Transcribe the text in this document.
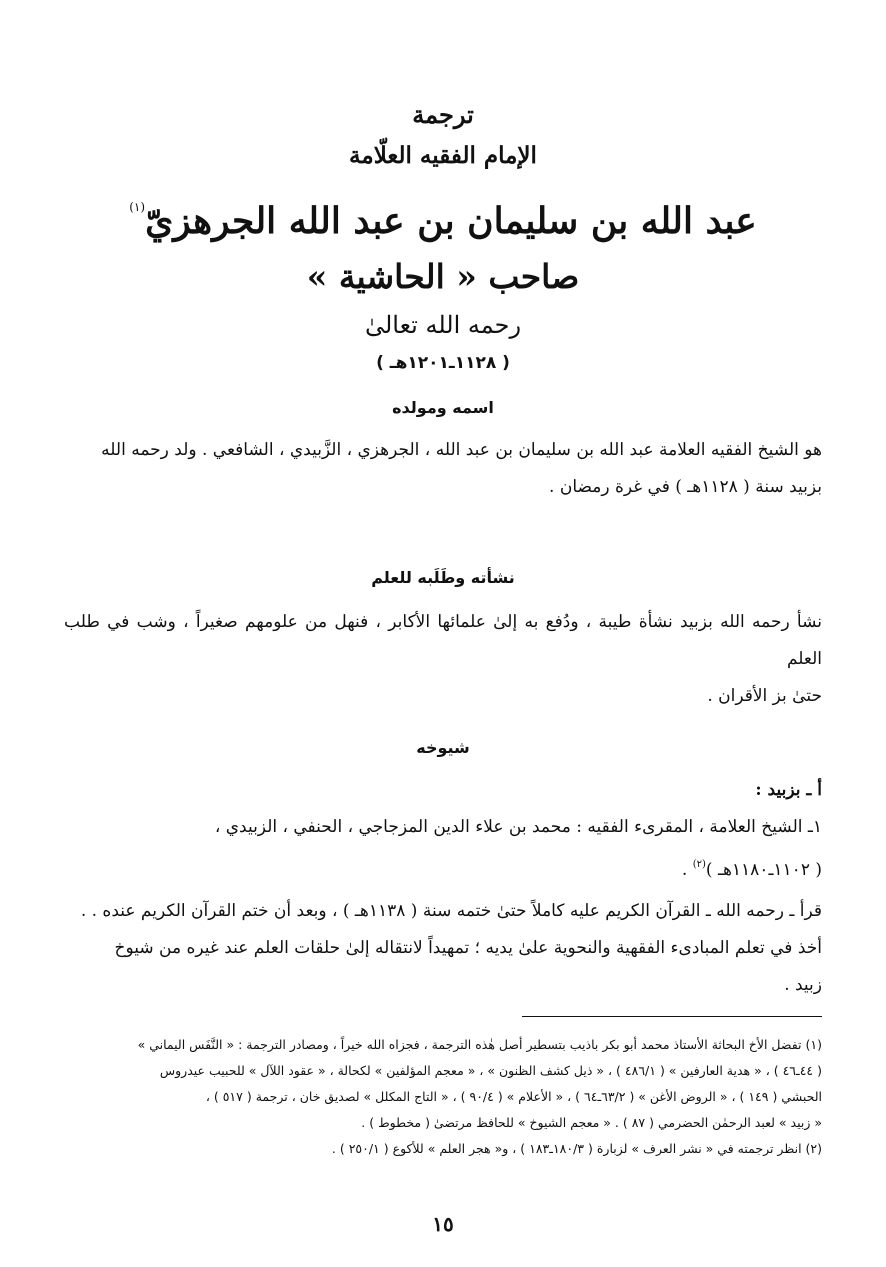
ترجمة

الإمام الفقيه العلّامة

عبد الله بن سليمان بن عبد الله الجرهزيّ$^{(١)}$

صاحب « الحاشية »

رحمه الله تعالىٰ

( ١١٢٨ـ١٢٠١هـ )

اسمه ومولده

هو الشيخ الفقيه العلامة عبد الله بن سليمان بن عبد الله ، الجرهزي ، الزَّبيدي ، الشافعي . ولد رحمه الله

بزبيد سنة ( ١١٢٨هـ ) في غرة رمضان .

نشأته وطَلَبه للعلم

نشأ رحمه الله بزبيد نشأة طيبة ، ودُفع به إلىٰ علمائها الأكابر ، فنهل من علومهم صغيراً ، وشب في طلب العلم

حتىٰ بز الأقران .

شيوخه

أ ـ بزبيد :

١ـ الشيخ العلامة ، المقرىء الفقيه : محمد بن علاء الدين المزجاجي ، الحنفي ، الزبيدي ،

( ١١٠٢ـ١١٨٠هـ )$^{(٢)}$ .

قرأ ـ رحمه الله ـ القرآن الكريم عليه كاملاً حتىٰ ختمه سنة ( ١١٣٨هـ ) ، وبعد أن ختم القرآن الكريم عنده . .

أخذ في تعلم المبادىء الفقهية والنحوية علىٰ يديه ؛ تمهيداً لانتقاله إلىٰ حلقات العلم عند غيره من شيوخ

زبيد .

(١) تفضل الأخ البحاثة الأستاذ محمد أبو بكر باذيب بتسطير أصل هٰذه الترجمة ، فجزاه الله خيراً ، ومصادر الترجمة : « النَّفَس اليماني »

( ٤٤ـ٤٦ ) ، « هدية العارفين » ( ٤٨٦/١ ) ، « ذيل كشف الظنون » ، « معجم المؤلفين » لكحالة ، « عقود اللآل » للحبيب عيدروس

الحبشي ( ١٤٩ ) ، « الروض الأغن » ( ٦٣/٢ـ٦٤ ) ، « الأعلام » ( ٩٠/٤ ) ، « التاج المكلل » لصديق خان ، ترجمة ( ٥١٧ ) ،

« زبيد » لعبد الرحمٰن الحضرمي ( ٨٧ ) . « معجم الشيوخ » للحافظ مرتضىٰ ( مخطوط ) .

(٢) انظر ترجمته في « نشر العرف » لزبارة ( ١٨٠/٣ـ١٨٣ ) ، و« هجر العلم » للأكوع ( ٢٥٠/١ ) .

١٥
